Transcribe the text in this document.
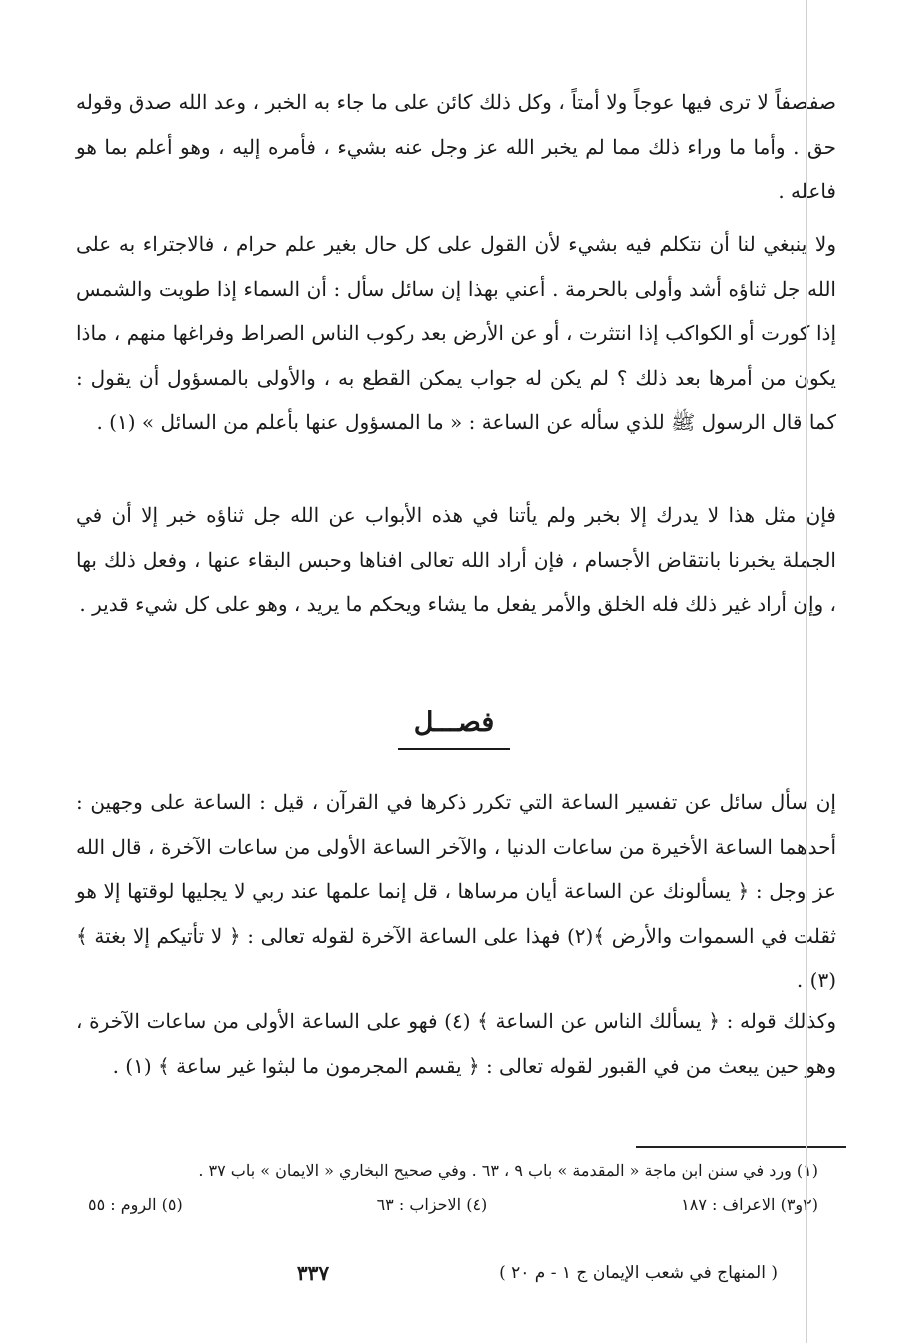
صفصفاً لا ترى فيها عوجاً ولا أمتاً ، وكل ذلك كائن على ما جاء به الخبر ، وعد الله صدق وقوله حق . وأما ما وراء ذلك مما لم يخبر الله عز وجل عنه بشيء ، فأمره إليه ، وهو أعلم بما هو فاعله .

ولا ينبغي لنا أن نتكلم فيه بشيء لأن القول على كل حال بغير علم حرام ، فالاجتراء به على الله جل ثناؤه أشد وأولى بالحرمة . أعني بهذا إن سائل سأل : أن السماء إذا طويت والشمس إذا كورت أو الكواكب إذا انتثرت ، أو عن الأرض بعد ركوب الناس الصراط وفراغها منهم ، ماذا يكون من أمرها بعد ذلك ؟ لم يكن له جواب يمكن القطع به ، والأولى بالمسؤول أن يقول : كما قال الرسول ﷺ للذي سأله عن الساعة : « ما المسؤول عنها بأعلم من السائل » (١) .

فإن مثل هذا لا يدرك إلا بخبر ولم يأتنا في هذه الأبواب عن الله جل ثناؤه خبر إلا أن في الجملة يخبرنا بانتقاض الأجسام ، فإن أراد الله تعالى افناها وحبس البقاء عنها ، وفعل ذلك بها ، وإن أراد غير ذلك فله الخلق والأمر يفعل ما يشاء ويحكم ما يريد ، وهو على كل شيء قدير .

فصـــل

إن سأل سائل عن تفسير الساعة التي تكرر ذكرها في القرآن ، قيل : الساعة على وجهين : أحدهما الساعة الأخيرة من ساعات الدنيا ، والآخر الساعة الأولى من ساعات الآخرة ، قال الله عز وجل : ﴿ يسألونك عن الساعة أيان مرساها ، قل إنما علمها عند ربي لا يجليها لوقتها إلا هو ثقلت في السموات والأرض ﴾(٢) فهذا على الساعة الآخرة لقوله تعالى : ﴿ لا تأتيكم إلا بغتة ﴾ (٣) .

وكذلك قوله : ﴿ يسألك الناس عن الساعة ﴾ (٤) فهو على الساعة الأولى من ساعات الآخرة ، وهو حين يبعث من في القبور لقوله تعالى : ﴿ يقسم المجرمون ما لبثوا غير ساعة ﴾ (١) .

(١) ورد في سنن ابن ماجة « المقدمة » باب ٩ ، ٦٣ . وفي صحيح البخاري « الايمان » باب ٣٧ .
(٢و٣) الاعراف : ١٨٧
(٤) الاحزاب : ٦٣
(٥) الروم : ٥٥
( المنهاج في شعب الإيمان ج ١ - م ٢٠ )
٣٣٧
